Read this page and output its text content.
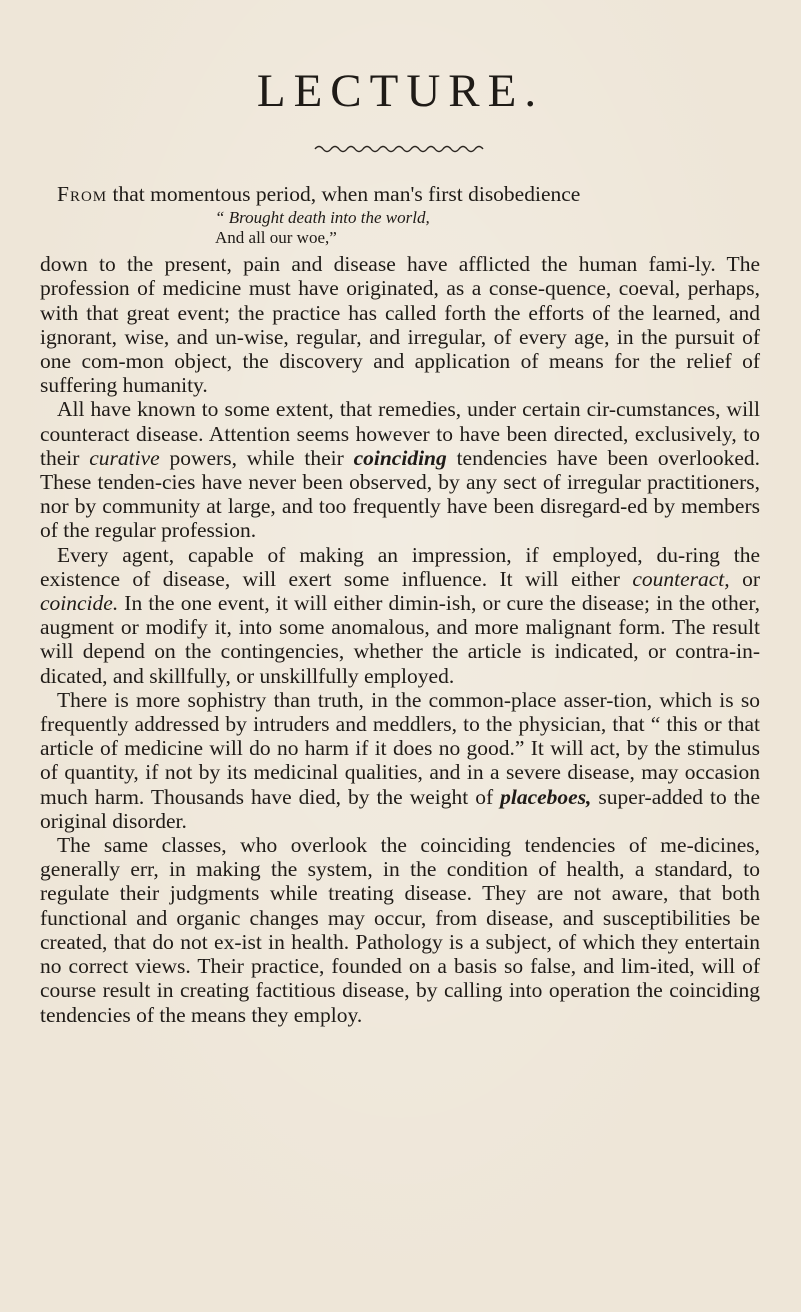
LECTURE.

From that momentous period, when man's first disobedience

“ Brought death into the world,
And all our woe,”

down to the present, pain and disease have afflicted the human fami-ly. The profession of medicine must have originated, as a conse-quence, coeval, perhaps, with that great event; the practice has called forth the efforts of the learned, and ignorant, wise, and un-wise, regular, and irregular, of every age, in the pursuit of one com-mon object, the discovery and application of means for the relief of suffering humanity.

All have known to some extent, that remedies, under certain cir-cumstances, will counteract disease. Attention seems however to have been directed, exclusively, to their curative powers, while their coinciding tendencies have been overlooked. These tenden-cies have never been observed, by any sect of irregular practitioners, nor by community at large, and too frequently have been disregard-ed by members of the regular profession.

Every agent, capable of making an impression, if employed, du-ring the existence of disease, will exert some influence. It will either counteract, or coincide. In the one event, it will either dimin-ish, or cure the disease; in the other, augment or modify it, into some anomalous, and more malignant form. The result will depend on the contingencies, whether the article is indicated, or contra-in-dicated, and skillfully, or unskillfully employed.

There is more sophistry than truth, in the common-place asser-tion, which is so frequently addressed by intruders and meddlers, to the physician, that “ this or that article of medicine will do no harm if it does no good.” It will act, by the stimulus of quantity, if not by its medicinal qualities, and in a severe disease, may occasion much harm. Thousands have died, by the weight of placeboes, super-added to the original disorder.

The same classes, who overlook the coinciding tendencies of me-dicines, generally err, in making the system, in the condition of health, a standard, to regulate their judgments while treating disease. They are not aware, that both functional and organic changes may occur, from disease, and susceptibilities be created, that do not ex-ist in health. Pathology is a subject, of which they entertain no correct views. Their practice, founded on a basis so false, and lim-ited, will of course result in creating factitious disease, by calling into operation the coinciding tendencies of the means they employ.
